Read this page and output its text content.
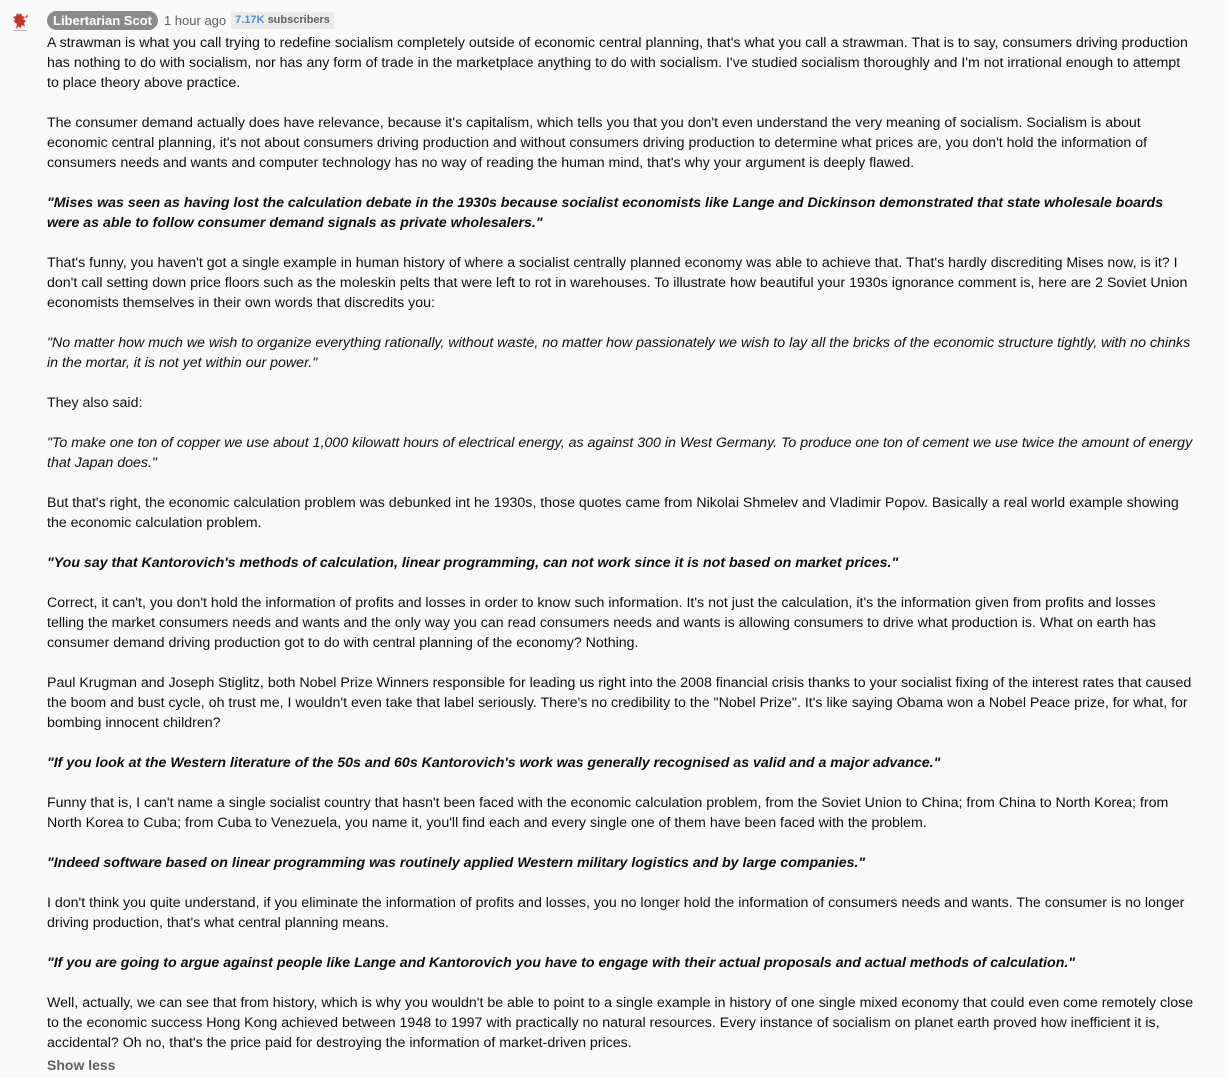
Libertarian Scot 1 hour ago 7.17K subscribers

A strawman is what you call trying to redefine socialism completely outside of economic central planning, that's what you call a strawman. That is to say, consumers driving production has nothing to do with socialism, nor has any form of trade in the marketplace anything to do with socialism. I've studied socialism thoroughly and I'm not irrational enough to attempt to place theory above practice.

The consumer demand actually does have relevance, because it's capitalism, which tells you that you don't even understand the very meaning of socialism. Socialism is about economic central planning, it's not about consumers driving production and without consumers driving production to determine what prices are, you don't hold the information of consumers needs and wants and computer technology has no way of reading the human mind, that's why your argument is deeply flawed.

"Mises was seen as having lost the calculation debate in the 1930s because socialist economists like Lange and Dickinson demonstrated that state wholesale boards were as able to follow consumer demand signals as private wholesalers."

That's funny, you haven't got a single example in human history of where a socialist centrally planned economy was able to achieve that. That's hardly discrediting Mises now, is it? I don't call setting down price floors such as the moleskin pelts that were left to rot in warehouses. To illustrate how beautiful your 1930s ignorance comment is, here are 2 Soviet Union economists themselves in their own words that discredits you:

"No matter how much we wish to organize everything rationally, without waste, no matter how passionately we wish to lay all the bricks of the economic structure tightly, with no chinks in the mortar, it is not yet within our power."

They also said:

"To make one ton of copper we use about 1,000 kilowatt hours of electrical energy, as against 300 in West Germany. To produce one ton of cement we use twice the amount of energy that Japan does."

But that's right, the economic calculation problem was debunked int he 1930s, those quotes came from Nikolai Shmelev and Vladimir Popov. Basically a real world example showing the economic calculation problem.

"You say that Kantorovich's methods of calculation, linear programming, can not work since it is not based on market prices."

Correct, it can't, you don't hold the information of profits and losses in order to know such information. It's not just the calculation, it's the information given from profits and losses telling the market consumers needs and wants and the only way you can read consumers needs and wants is allowing consumers to drive what production is. What on earth has consumer demand driving production got to do with central planning of the economy? Nothing.

Paul Krugman and Joseph Stiglitz, both Nobel Prize Winners responsible for leading us right into the 2008 financial crisis thanks to your socialist fixing of the interest rates that caused the boom and bust cycle, oh trust me, I wouldn't even take that label seriously. There's no credibility to the "Nobel Prize". It's like saying Obama won a Nobel Peace prize, for what, for bombing innocent children?

"If you look at the Western literature of the 50s and 60s Kantorovich's work was generally recognised as valid and a major advance."

Funny that is, I can't name a single socialist country that hasn't been faced with the economic calculation problem, from the Soviet Union to China; from China to North Korea; from North Korea to Cuba; from Cuba to Venezuela, you name it, you'll find each and every single one of them have been faced with the problem.

"Indeed software based on linear programming was routinely applied Western military logistics and by large companies."

I don't think you quite understand, if you eliminate the information of profits and losses, you no longer hold the information of consumers needs and wants. The consumer is no longer driving production, that's what central planning means.

"If you are going to argue against people like Lange and Kantorovich you have to engage with their actual proposals and actual methods of calculation."

Well, actually, we can see that from history, which is why you wouldn't be able to point to a single example in history of one single mixed economy that could even come remotely close to the economic success Hong Kong achieved between 1948 to 1997 with practically no natural resources. Every instance of socialism on planet earth proved how inefficient it is, accidental? Oh no, that's the price paid for destroying the information of market-driven prices.

Show less
